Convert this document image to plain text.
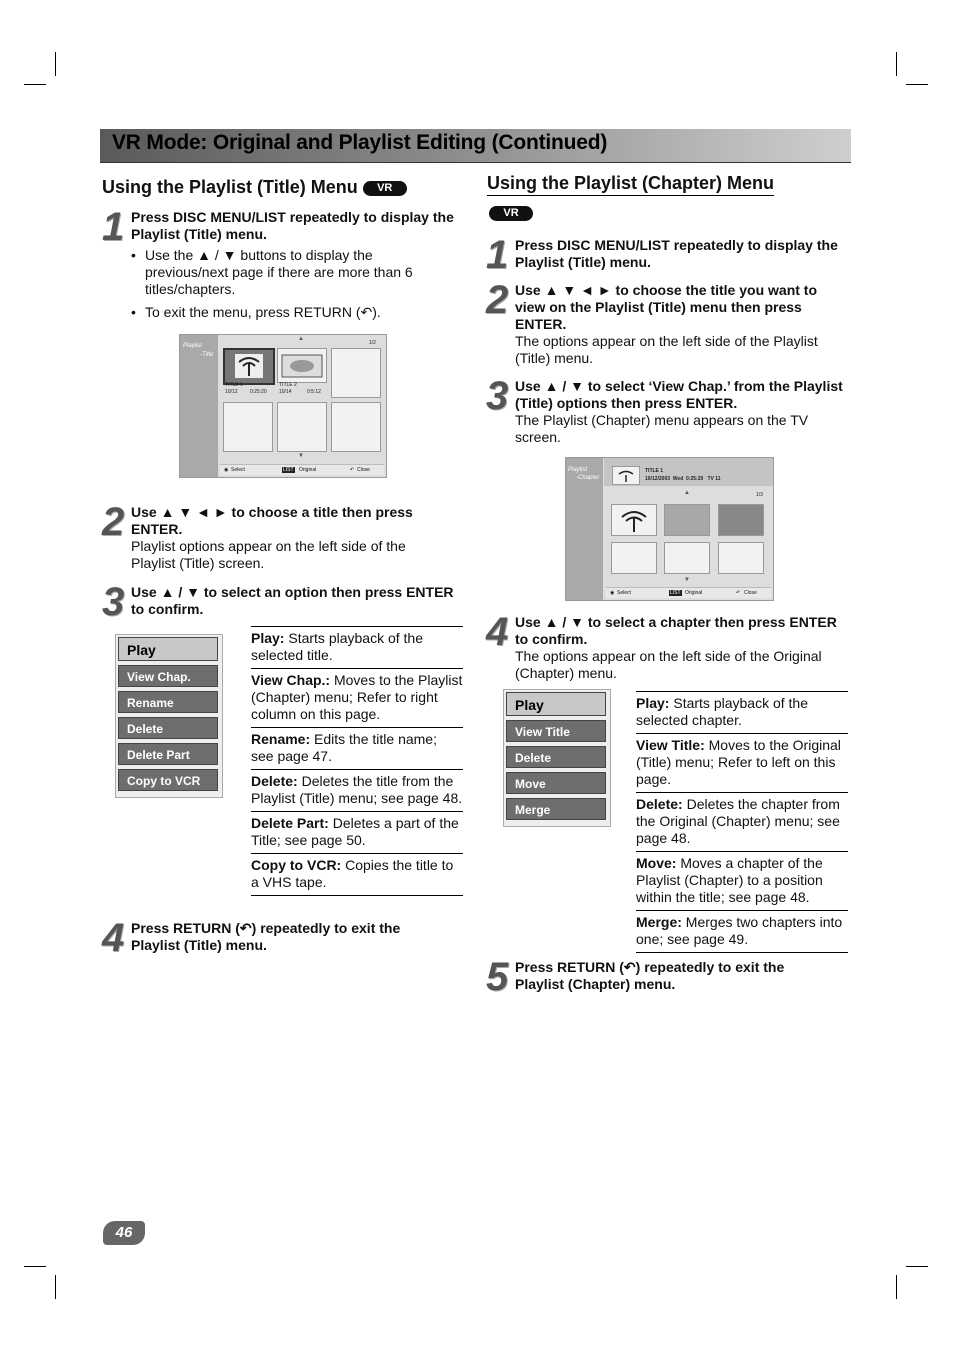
VR Mode: Original and Playlist Editing (Continued)
Using the Playlist (Title) Menu VR
1 Press DISC MENU/LIST repeatedly to display the Playlist (Title) menu.

• Use the ▲ / ▼ buttons to display the previous/next page if there are more than 6 titles/chapters.

• To exit the menu, press RETURN (↶).

Playlist
-Title
1/2
▲
TITLE 1
10/12 0:25:20
TITLE 2
10/14	0:5:12
▼
◉ Select	LIST Original	↶ Close
2 Use ▲ ▼ ◄ ► to choose a title then press ENTER.

Playlist options appear on the left side of the Playlist (Title) screen.

3 Use ▲ / ▼ to select an option then press ENTER to confirm.

Play
View Chap.
Rename
Delete
Delete Part
Copy to VCR
Play: Starts playback of the selected title.
View Chap.: Moves to the Playlist (Chapter) menu; Refer to right column on this page.
Rename: Edits the title name; see page 47.
Delete: Deletes the title from the Playlist (Title) menu; see page 48.
Delete Part: Deletes a part of the Title; see page 50.
Copy to VCR: Copies the title to a VHS tape.
4 Press RETURN (↶) repeatedly to exit the Playlist (Title) menu.

Using the Playlist (Chapter) Menu
VR
1 Press DISC MENU/LIST repeatedly to display the Playlist (Title) menu.

2 Use ▲ ▼ ◄ ► to choose the title you want to view on the Playlist (Title) menu then press ENTER.

The options appear on the left side of the Playlist (Title) menu.

3 Use ▲ / ▼ to select ‘View Chap.’ from the Playlist (Title) options then press ENTER.

The Playlist (Chapter) menu appears on the TV screen.

Playlist
-Chapter
TITLE 1
10/12/2003  Wed  0:25:20   TV 11
▲	1/3
▼
◉ Select	LIST Original	↶ Close
4 Use ▲ / ▼ to select a chapter then press ENTER to confirm.

The options appear on the left side of the Original (Chapter) menu.

Play
View Title
Delete
Move
Merge
Play: Starts playback of the selected chapter.
View Title: Moves to the Original (Title) menu; Refer to left on this page.
Delete: Deletes the chapter from the Original (Chapter) menu; see page 48.
Move: Moves a chapter of the Playlist (Chapter) to a position within the title; see page 48.
Merge: Merges two chapters into one; see page 49.
5 Press RETURN (↶) repeatedly to exit the Playlist (Chapter) menu.

46
